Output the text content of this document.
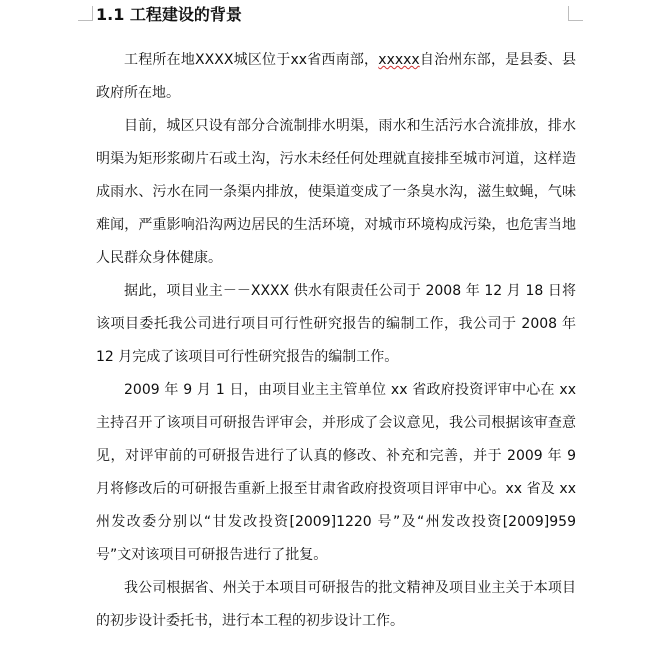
1.1 工程建设的背景

工程所在地XXXX城区位于xx省西南部，xxxxx自治州东部，是县委、县政府所在地。

目前，城区只设有部分合流制排水明渠，雨水和生活污水合流排放，排水明渠为矩形浆砌片石或土沟，污水未经任何处理就直接排至城市河道，这样造成雨水、污水在同一条渠内排放，使渠道变成了一条臭水沟，滋生蚊蝇，气味难闻，严重影响沿沟两边居民的生活环境，对城市环境构成污染，也危害当地人民群众身体健康。

据此，项目业主－－XXXX 供水有限责任公司于 2008 年 12 月 18 日将该项目委托我公司进行项目可行性研究报告的编制工作，我公司于 2008 年 12 月完成了该项目可行性研究报告的编制工作。

2009 年 9 月 1 日，由项目业主主管单位 xx 省政府投资评审中心在 xx 主持召开了该项目可研报告评审会，并形成了会议意见，我公司根据该审查意见，对评审前的可研报告进行了认真的修改、补充和完善，并于 2009 年 9 月将修改后的可研报告重新上报至甘肃省政府投资项目评审中心。xx 省及 xx 州发改委分别以“甘发改投资[2009]1220 号”及“州发改投资[2009]959 号”文对该项目可研报告进行了批复。

我公司根据省、州关于本项目可研报告的批文精神及项目业主关于本项目的初步设计委托书，进行本工程的初步设计工作。
